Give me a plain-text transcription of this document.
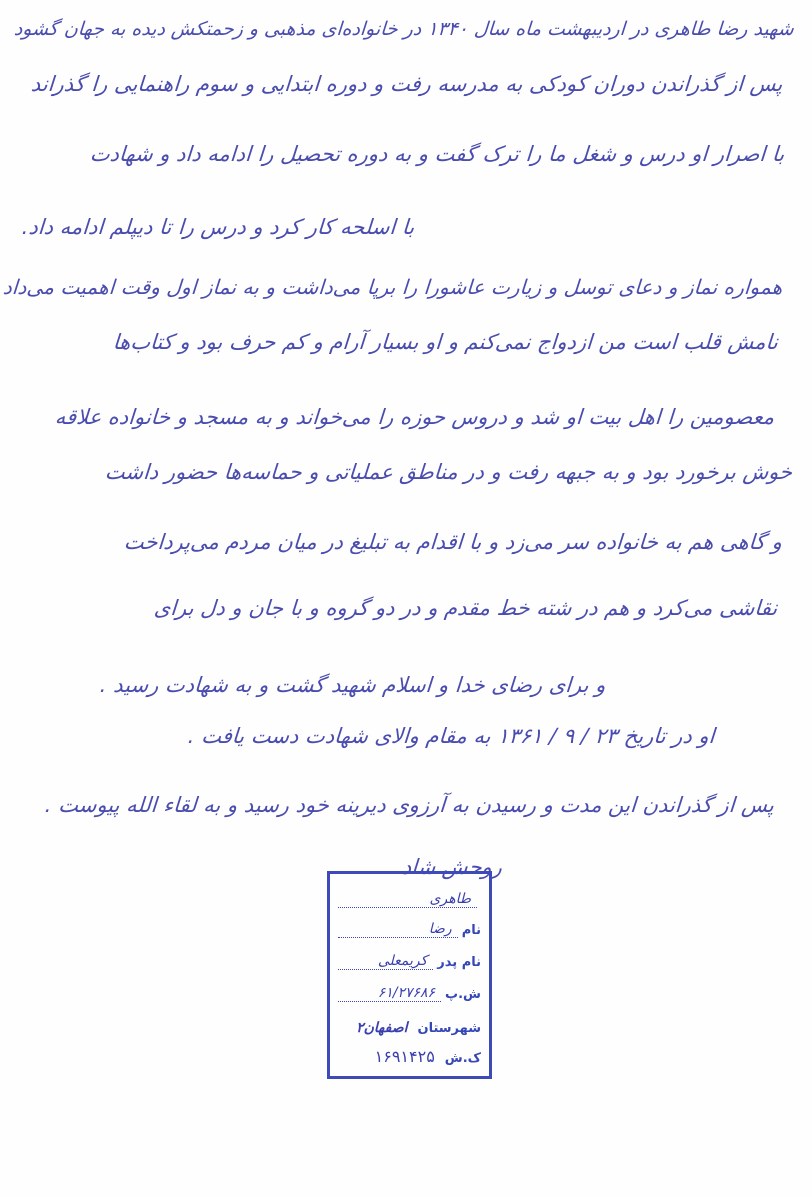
شهید رضا طاهری در اردیبهشت ماه سال ۱۳۴۰ در خانواده‌ای مذهبی و زحمتکش دیده به جهان گشود
پس از گذراندن دوران کودکی به مدرسه رفت و دوره ابتدایی و سوم راهنمایی را گذراند
با اصرار او درس و شغل ما را ترک گفت و به دوره تحصیل را ادامه داد و شهادت
با اسلحه کار کرد و درس را تا دیپلم ادامه داد.
همواره نماز و دعای توسل و زیارت عاشورا را برپا می‌داشت و به نماز اول وقت اهمیت می‌داد
نامش قلب است من ازدواج نمی‌کنم و او بسیار آرام و کم حرف بود و کتاب‌ها
معصومین را اهل بیت او شد و دروس حوزه را می‌خواند و به مسجد و خانواده علاقه
خوش برخورد بود و به جبهه رفت و در مناطق عملیاتی و حماسه‌ها حضور داشت
و گاهی هم به خانواده سر می‌زد و با اقدام به تبلیغ در میان مردم می‌پرداخت
نقاشی می‌کرد و هم در شته خط مقدم و در دو گروه و با جان و دل برای
و برای رضای خدا و اسلام شهید گشت و به شهادت رسید .
او در تاریخ ۲۳ / ۹ / ۱۳۶۱ به مقام والای شهادت دست یافت .
پس از گذراندن این مدت و رسیدن به آرزوی دیرینه خود رسید و به لقاء الله پیوست .
روحش شاد
طاهری
نام
رضا
نام پدر
کریمعلی
ش.پ
۶۱/۲۷۶۸۶
شهرستان
اصفهان۲
ک.ش
۱۶۹۱۴۲۵
